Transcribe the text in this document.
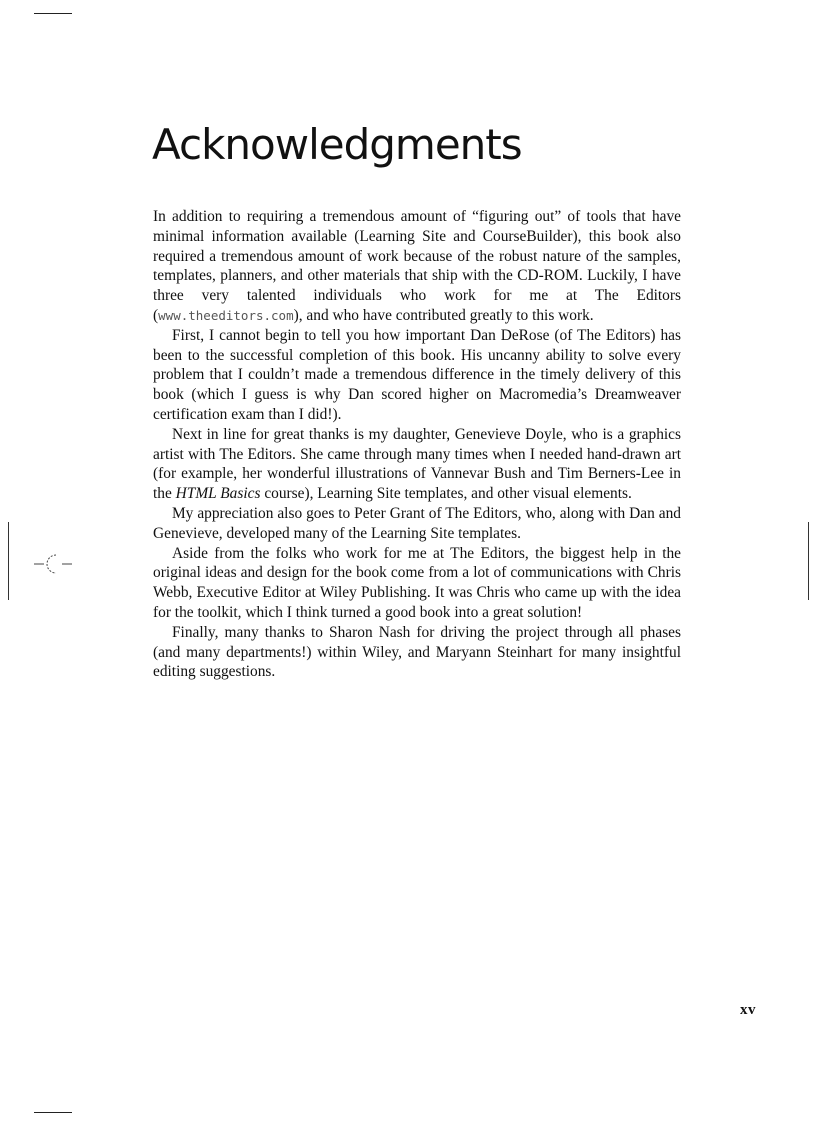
Acknowledgments

In addition to requiring a tremendous amount of “figuring out” of tools that have minimal information available (Learning Site and CourseBuilder), this book also required a tremendous amount of work because of the robust nature of the samples, templates, planners, and other materials that ship with the CD-ROM. Luckily, I have three very talented individuals who work for me at The Editors (www.theeditors.com), and who have contributed greatly to this work.

First, I cannot begin to tell you how important Dan DeRose (of The Editors) has been to the successful completion of this book. His uncanny ability to solve every problem that I couldn’t made a tremendous difference in the timely delivery of this book (which I guess is why Dan scored higher on Macromedia’s Dreamweaver certification exam than I did!).

Next in line for great thanks is my daughter, Genevieve Doyle, who is a graphics artist with The Editors. She came through many times when I needed hand-drawn art (for example, her wonderful illustrations of Vannevar Bush and Tim Berners-Lee in the HTML Basics course), Learning Site templates, and other visual elements.

My appreciation also goes to Peter Grant of The Editors, who, along with Dan and Genevieve, developed many of the Learning Site templates.

Aside from the folks who work for me at The Editors, the biggest help in the original ideas and design for the book come from a lot of communications with Chris Webb, Executive Editor at Wiley Publishing. It was Chris who came up with the idea for the toolkit, which I think turned a good book into a great solution!

Finally, many thanks to Sharon Nash for driving the project through all phases (and many departments!) within Wiley, and Maryann Steinhart for many insightful editing suggestions.

xv
